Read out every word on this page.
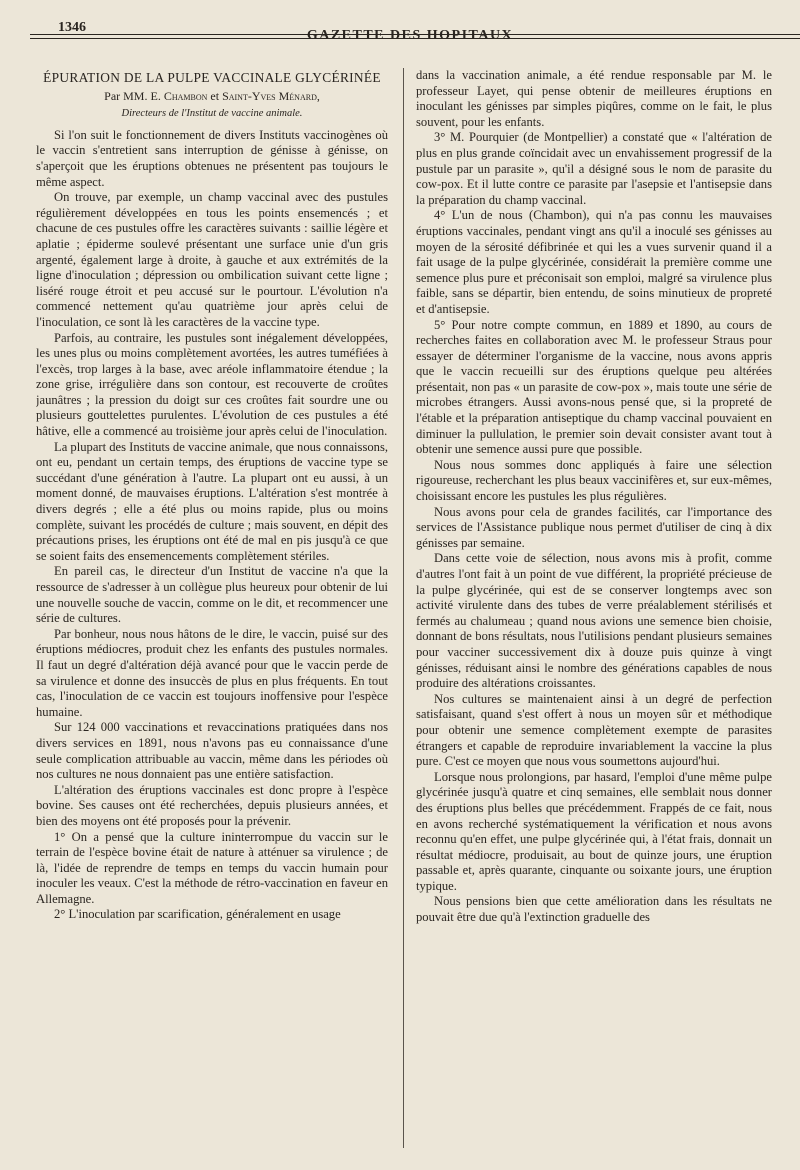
1346
GAZETTE DES HOPITAUX
ÉPURATION DE LA PULPE VACCINALE GLYCÉRINÉE
Par MM. E. Chambon et Saint-Yves Ménard,
Directeurs de l'Institut de vaccine animale.

Si l'on suit le fonctionnement de divers Instituts vaccinogènes où le vaccin s'entretient sans interruption de génisse à génisse, on s'aperçoit que les éruptions obtenues ne présentent pas toujours le même aspect.

On trouve, par exemple, un champ vaccinal avec des pustules régulièrement développées en tous les points ensemencés ; et chacune de ces pustules offre les caractères suivants : saillie légère et aplatie ; épiderme soulevé présentant une surface unie d'un gris argenté, également large à droite, à gauche et aux extrémités de la ligne d'inoculation ; dépression ou ombilication suivant cette ligne ; liséré rouge étroit et peu accusé sur le pourtour. L'évolution n'a commencé nettement qu'au quatrième jour après celui de l'inoculation, ce sont là les caractères de la vaccine type.

Parfois, au contraire, les pustules sont inégalement développées, les unes plus ou moins complètement avortées, les autres tuméfiées à l'excès, trop larges à la base, avec aréole inflammatoire étendue ; la zone grise, irrégulière dans son contour, est recouverte de croûtes jaunâtres ; la pression du doigt sur ces croûtes fait sourdre une ou plusieurs gouttelettes purulentes. L'évolution de ces pustules a été hâtive, elle a commencé au troisième jour après celui de l'inoculation.

La plupart des Instituts de vaccine animale, que nous connaissons, ont eu, pendant un certain temps, des éruptions de vaccine type se succédant d'une génération à l'autre. La plupart ont eu aussi, à un moment donné, de mauvaises éruptions. L'altération s'est montrée à divers degrés ; elle a été plus ou moins rapide, plus ou moins complète, suivant les procédés de culture ; mais souvent, en dépit des précautions prises, les éruptions ont été de mal en pis jusqu'à ce que se soient faits des ensemencements complètement stériles.

En pareil cas, le directeur d'un Institut de vaccine n'a que la ressource de s'adresser à un collègue plus heureux pour obtenir de lui une nouvelle souche de vaccin, comme on le dit, et recommencer une série de cultures.

Par bonheur, nous nous hâtons de le dire, le vaccin, puisé sur des éruptions médiocres, produit chez les enfants des pustules normales. Il faut un degré d'altération déjà avancé pour que le vaccin perde de sa virulence et donne des insuccès de plus en plus fréquents. En tout cas, l'inoculation de ce vaccin est toujours inoffensive pour l'espèce humaine.

Sur 124 000 vaccinations et revaccinations pratiquées dans nos divers services en 1891, nous n'avons pas eu connaissance d'une seule complication attribuable au vaccin, même dans les périodes où nos cultures ne nous donnaient pas une entière satisfaction.

L'altération des éruptions vaccinales est donc propre à l'espèce bovine. Ses causes ont été recherchées, depuis plusieurs années, et bien des moyens ont été proposés pour la prévenir.

1° On a pensé que la culture ininterrompue du vaccin sur le terrain de l'espèce bovine était de nature à atténuer sa virulence ; de là, l'idée de reprendre de temps en temps du vaccin humain pour inoculer les veaux. C'est la méthode de rétro-vaccination en faveur en Allemagne.

2° L'inoculation par scarification, généralement en usage

dans la vaccination animale, a été rendue responsable par M. le professeur Layet, qui pense obtenir de meilleures éruptions en inoculant les génisses par simples piqûres, comme on le fait, le plus souvent, pour les enfants.

3° M. Pourquier (de Montpellier) a constaté que « l'altération de plus en plus grande coïncidait avec un envahissement progressif de la pustule par un parasite », qu'il a désigné sous le nom de parasite du cow-pox. Et il lutte contre ce parasite par l'asepsie et l'antisepsie dans la préparation du champ vaccinal.

4° L'un de nous (Chambon), qui n'a pas connu les mauvaises éruptions vaccinales, pendant vingt ans qu'il a inoculé ses génisses au moyen de la sérosité défibrinée et qui les a vues survenir quand il a fait usage de la pulpe glycérinée, considérait la première comme une semence plus pure et préconisait son emploi, malgré sa virulence plus faible, sans se départir, bien entendu, de soins minutieux de propreté et d'antisepsie.

5° Pour notre compte commun, en 1889 et 1890, au cours de recherches faites en collaboration avec M. le professeur Straus pour essayer de déterminer l'organisme de la vaccine, nous avons appris que le vaccin recueilli sur des éruptions quelque peu altérées présentait, non pas « un parasite de cow-pox », mais toute une série de microbes étrangers. Aussi avons-nous pensé que, si la propreté de l'étable et la préparation antiseptique du champ vaccinal pouvaient en diminuer la pullulation, le premier soin devait consister avant tout à obtenir une semence aussi pure que possible.

Nous nous sommes donc appliqués à faire une sélection rigoureuse, recherchant les plus beaux vaccinifères et, sur eux-mêmes, choisissant encore les pustules les plus régulières.

Nous avons pour cela de grandes facilités, car l'importance des services de l'Assistance publique nous permet d'utiliser de cinq à dix génisses par semaine.

Dans cette voie de sélection, nous avons mis à profit, comme d'autres l'ont fait à un point de vue différent, la propriété précieuse de la pulpe glycérinée, qui est de se conserver longtemps avec son activité virulente dans des tubes de verre préalablement stérilisés et fermés au chalumeau ; quand nous avions une semence bien choisie, donnant de bons résultats, nous l'utilisions pendant plusieurs semaines pour vacciner successivement dix à douze puis quinze à vingt génisses, réduisant ainsi le nombre des générations capables de nous produire des altérations croissantes.

Nos cultures se maintenaient ainsi à un degré de perfection satisfaisant, quand s'est offert à nous un moyen sûr et méthodique pour obtenir une semence complètement exempte de parasites étrangers et capable de reproduire invariablement la vaccine la plus pure. C'est ce moyen que nous vous soumettons aujourd'hui.

Lorsque nous prolongions, par hasard, l'emploi d'une même pulpe glycérinée jusqu'à quatre et cinq semaines, elle semblait nous donner des éruptions plus belles que précédemment. Frappés de ce fait, nous en avons recherché systématiquement la vérification et nous avons reconnu qu'en effet, une pulpe glycérinée qui, à l'état frais, donnait un résultat médiocre, produisait, au bout de quinze jours, une éruption passable et, après quarante, cinquante ou soixante jours, une éruption typique.

Nous pensions bien que cette amélioration dans les résultats ne pouvait être due qu'à l'extinction graduelle des
